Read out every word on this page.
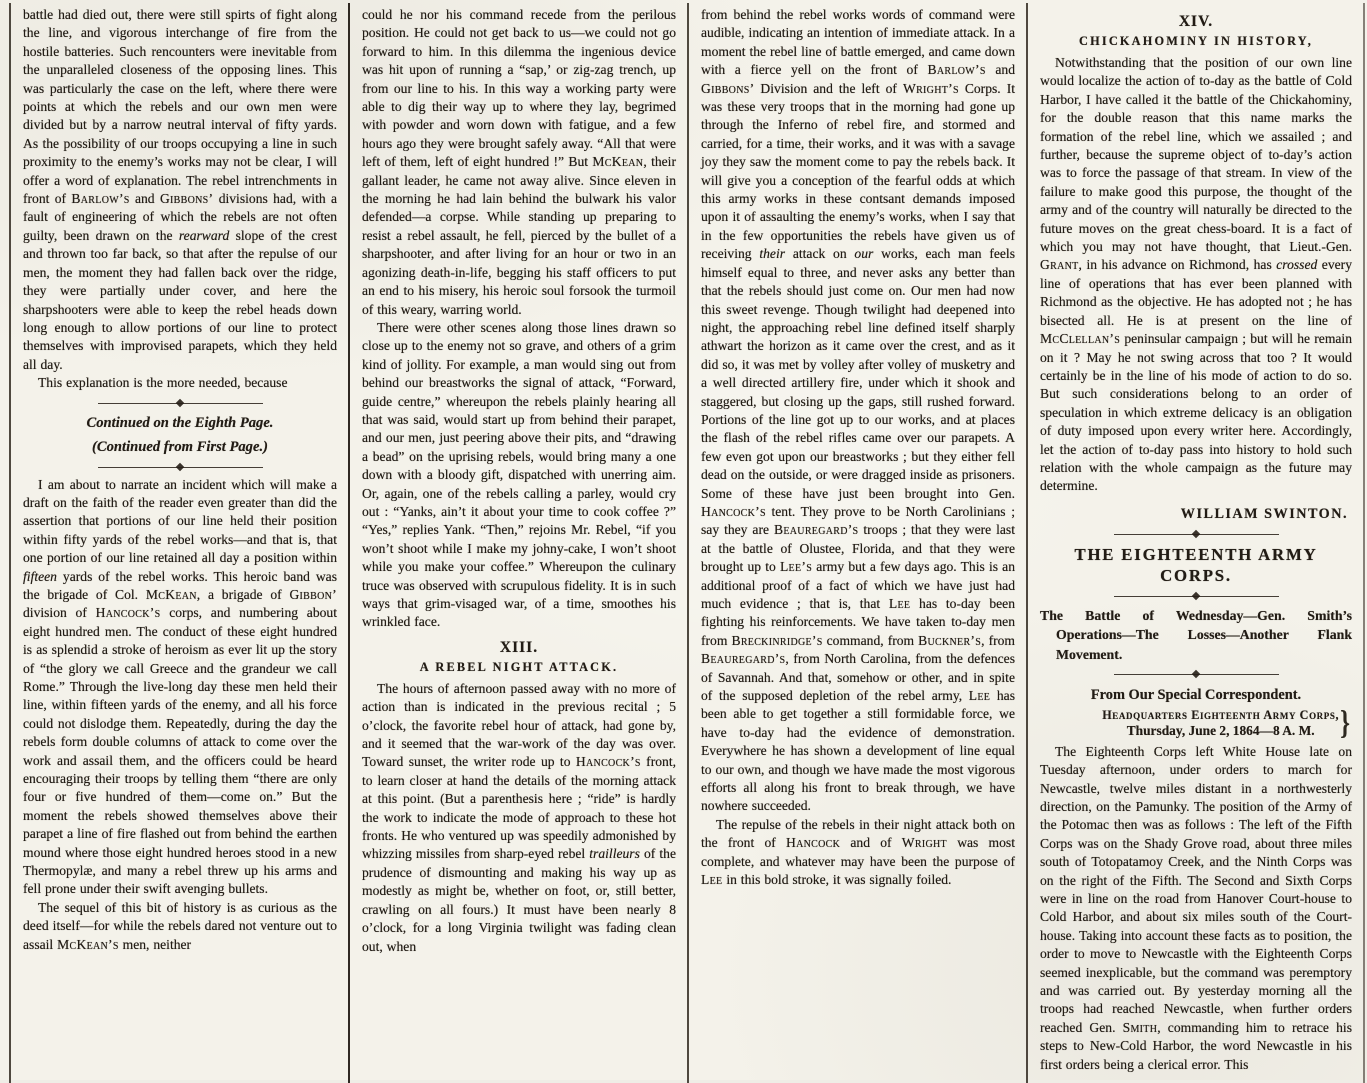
battle had died out, there were still spirts of fight along the line, and vigorous interchange of fire from the hostile batteries. Such rencounters were inevitable from the unparalleled closeness of the opposing lines. This was particularly the case on the left, where there were points at which the rebels and our own men were divided but by a narrow neutral interval of fifty yards. As the possibility of our troops occupying a line in such proximity to the enemy’s works may not be clear, I will offer a word of explanation. The rebel intrenchments in front of Barlow’s and Gibbons’ divisions had, with a fault of engineering of which the rebels are not often guilty, been drawn on the rearward slope of the crest and thrown too far back, so that after the repulse of our men, the moment they had fallen back over the ridge, they were partially under cover, and here the sharpshooters were able to keep the rebel heads down long enough to allow portions of our line to protect themselves with improvised parapets, which they held all day.

This explanation is the more needed, because

Continued on the Eighth Page.
(Continued from First Page.)

I am about to narrate an incident which will make a draft on the faith of the reader even greater than did the assertion that portions of our line held their position within fifty yards of the rebel works—and that is, that one portion of our line retained all day a position within fifteen yards of the rebel works. This heroic band was the brigade of Col. McKean, a brigade of Gibbon’ division of Hancock’s corps, and numbering about eight hundred men. The conduct of these eight hundred is as splendid a stroke of heroism as ever lit up the story of “the glory we call Greece and the grandeur we call Rome.” Through the live-long day these men held their line, within fifteen yards of the enemy, and all his force could not dislodge them. Repeatedly, during the day the rebels form double columns of attack to come over the work and assail them, and the officers could be heard encouraging their troops by telling them “there are only four or five hundred of them—come on.” But the moment the rebels showed themselves above their parapet a line of fire flashed out from behind the earthen mound where those eight hundred heroes stood in a new Thermopylæ, and many a rebel threw up his arms and fell prone under their swift avenging bullets.

The sequel of this bit of history is as curious as the deed itself—for while the rebels dared not venture out to assail McKean’s men, neither

could he nor his command recede from the perilous position. He could not get back to us—we could not go forward to him. In this dilemma the ingenious device was hit upon of running a “sap,’ or zig-zag trench, up from our line to his. In this way a working party were able to dig their way up to where they lay, begrimed with powder and worn down with fatigue, and a few hours ago they were brought safely away. “All that were left of them, left of eight hundred !” But McKean, their gallant leader, he came not away alive. Since eleven in the morning he had lain behind the bulwark his valor defended—a corpse. While standing up preparing to resist a rebel assault, he fell, pierced by the bullet of a sharpshooter, and after living for an hour or two in an agonizing death-in-life, begging his staff officers to put an end to his misery, his heroic soul forsook the turmoil of this weary, warring world.

There were other scenes along those lines drawn so close up to the enemy not so grave, and others of a grim kind of jollity. For example, a man would sing out from behind our breastworks the signal of attack, “Forward, guide centre,” whereupon the rebels plainly hearing all that was said, would start up from behind their parapet, and our men, just peering above their pits, and “drawing a bead” on the uprising rebels, would bring many a one down with a bloody gift, dispatched with unerring aim. Or, again, one of the rebels calling a parley, would cry out : “Yanks, ain’t it about your time to cook coffee ?” “Yes,” replies Yank. “Then,” rejoins Mr. Rebel, “if you won’t shoot while I make my johny-cake, I won’t shoot while you make your coffee.” Whereupon the culinary truce was observed with scrupulous fidelity. It is in such ways that grim-visaged war, of a time, smoothes his wrinkled face.

XIII.
A REBEL NIGHT ATTACK.

The hours of afternoon passed away with no more of action than is indicated in the previous recital ; 5 o’clock, the favorite rebel hour of attack, had gone by, and it seemed that the war-work of the day was over. Toward sunset, the writer rode up to Hancock’s front, to learn closer at hand the details of the morning attack at this point. (But a parenthesis here ; “ride” is hardly the work to indicate the mode of approach to these hot fronts. He who ventured up was speedily admonished by whizzing missiles from sharp-eyed rebel trailleurs of the prudence of dismounting and making his way up as modestly as might be, whether on foot, or, still better, crawling on all fours.) It must have been nearly 8 o’clock, for a long Virginia twilight was fading clean out, when

from behind the rebel works words of command were audible, indicating an intention of immediate attack. In a moment the rebel line of battle emerged, and came down with a fierce yell on the front of Barlow’s and Gibbons’ Division and the left of Wright’s Corps. It was these very troops that in the morning had gone up through the Inferno of rebel fire, and stormed and carried, for a time, their works, and it was with a savage joy they saw the moment come to pay the rebels back. It will give you a conception of the fearful odds at which this army works in these contsant demands imposed upon it of assaulting the enemy’s works, when I say that in the few opportunities the rebels have given us of receiving their attack on our works, each man feels himself equal to three, and never asks any better than that the rebels should just come on. Our men had now this sweet revenge. Though twilight had deepened into night, the approaching rebel line defined itself sharply athwart the horizon as it came over the crest, and as it did so, it was met by volley after volley of musketry and a well directed artillery fire, under which it shook and staggered, but closing up the gaps, still rushed forward. Portions of the line got up to our works, and at places the flash of the rebel rifles came over our parapets. A few even got upon our breastworks ; but they either fell dead on the outside, or were dragged inside as prisoners. Some of these have just been brought into Gen. Hancock’s tent. They prove to be North Carolinians ; say they are Beauregard’s troops ; that they were last at the battle of Olustee, Florida, and that they were brought up to Lee’s army but a few days ago. This is an additional proof of a fact of which we have just had much evidence ; that is, that Lee has to-day been fighting his reinforcements. We have taken to-day men from Breckinridge’s command, from Buckner’s, from Beauregard’s, from North Carolina, from the defences of Savannah. And that, somehow or other, and in spite of the supposed depletion of the rebel army, Lee has been able to get together a still formidable force, we have to-day had the evidence of demonstration. Everywhere he has shown a development of line equal to our own, and though we have made the most vigorous efforts all along his front to break through, we have nowhere succeeded.

The repulse of the rebels in their night attack both on the front of Hancock and of Wright was most complete, and whatever may have been the purpose of Lee in this bold stroke, it was signally foiled.

XIV.
CHICKAHOMINY IN HISTORY,

Notwithstanding that the position of our own line would localize the action of to-day as the battle of Cold Harbor, I have called it the battle of the Chickahominy, for the double reason that this name marks the formation of the rebel line, which we assailed ; and further, because the supreme object of to-day’s action was to force the passage of that stream. In view of the failure to make good this purpose, the thought of the army and of the country will naturally be directed to the future moves on the great chess-board. It is a fact of which you may not have thought, that Lieut.-Gen. Grant, in his advance on Richmond, has crossed every line of operations that has ever been planned with Richmond as the objective. He has adopted not ; he has bisected all. He is at present on the line of McClellan’s peninsular campaign ; but will he remain on it ? May he not swing across that too ? It would certainly be in the line of his mode of action to do so. But such considerations belong to an order of speculation in which extreme delicacy is an obligation of duty imposed upon every writer here. Accordingly, let the action of to-day pass into history to hold such relation with the whole campaign as the future may determine.

WILLIAM SWINTON.
THE EIGHTEENTH ARMY CORPS.
The Battle of Wednesday—Gen. Smith’s Operations—The Losses—Another Flank Movement.
From Our Special Correspondent.
Headquarters Eighteenth Army Corps,
Thursday, June 2, 1864—8 A. M.	}

The Eighteenth Corps left White House late on Tuesday afternoon, under orders to march for Newcastle, twelve miles distant in a northwesterly direction, on the Pamunky. The position of the Army of the Potomac then was as follows : The left of the Fifth Corps was on the Shady Grove road, about three miles south of Totopatamoy Creek, and the Ninth Corps was on the right of the Fifth. The Second and Sixth Corps were in line on the road from Hanover Court-house to Cold Harbor, and about six miles south of the Court-house. Taking into account these facts as to position, the order to move to Newcastle with the Eighteenth Corps seemed inexplicable, but the command was peremptory and was carried out. By yesterday morning all the troops had reached Newcastle, when further orders reached Gen. Smith, commanding him to retrace his steps to New-Cold Harbor, the word Newcastle in his first orders being a clerical error. This
